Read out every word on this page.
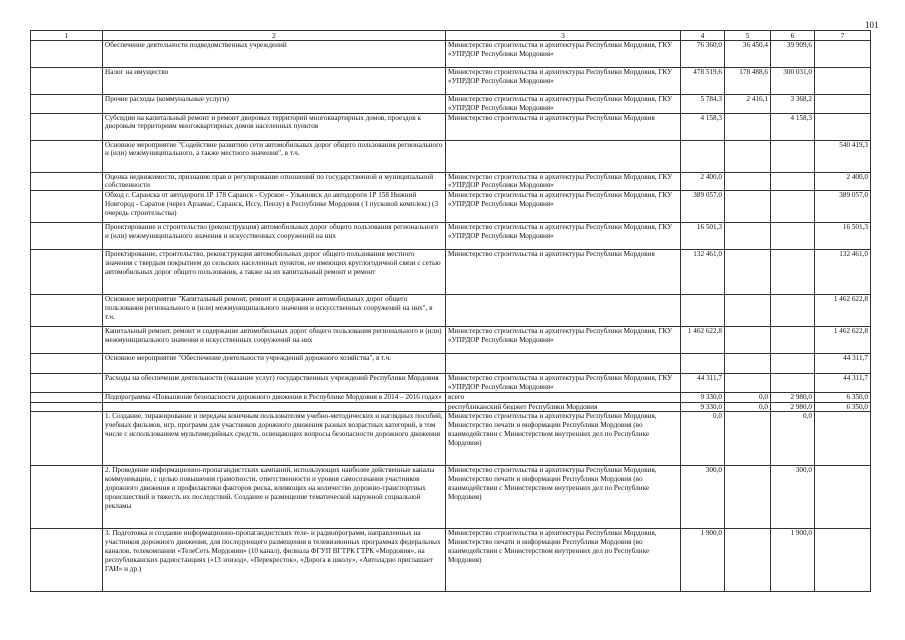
101
1	2	3	4	5	6	7
	Обеспечение деятельности подведомственных учреждений	Министерство строительства и архитектуры Республики Мордовия, ГКУ «УПРДОР Республики Мордовия»	76 360,0	36 450,4	39 909,6	
	Налог на имущество	Министерство строительства и архитектуры Республики Мордовия, ГКУ «УПРДОР Республики Мордовия»	478 519,6	178 488,6	300 031,0	
	Прочие расходы (коммунальные услуги)	Министерство строительства и архитектуры Республики Мордовия, ГКУ «УПРДОР Республики Мордовия»	5 784,3	2 416,1	3 368,2	
	Субсидии на капитальный ремонт и ремонт дворовых территорий многоквартирных домов, проездов к дворовым территориям многоквартирных домов населенных пунктов	Министерство строительства и архитектуры Республики Мордовия	4 158,3		4 158,3	
	Основное мероприятие "Содействие развитию сети автомобильных дорог общего пользования регионального и (или) межмуниципального, а также местного значения", в т.ч.					540 419,3
	Оценка недвижимости, признание прав и регулирование отношений по государственной и муниципальной собственности	Министерство строительства и архитектуры Республики Мордовия, ГКУ «УПРДОР Республики Мордовия»	2 400,0			2 400,0
	Обход г. Саранска от автодороги 1Р 178 Саранск - Сурское - Ульяновск до автодороги 1Р 158 Нижний Новгород - Саратов (через Арзамас, Саранск, Иссу, Пензу) в Республике Мордовия ( I пусковой комплекс) (3 очередь строительства)	Министерство строительства и архитектуры Республики Мордовия, ГКУ «УПРДОР Республики Мордовия»	389 057,0			389 057,0
	Проектирование и строительство (реконструкция) автомобильных дорог общего пользования регионального и (или) межмуниципального значения и искусственных сооружений на них	Министерство строительства и архитектуры Республики Мордовия, ГКУ «УПРДОР Республики Мордовия»	16 501,3			16 501,3
	Проектирование, строительство, реконструкция автомобильных дорог общего пользования местного значения с твердым покрытием до сельских населенных пунктов, не имеющих круглогодичной связи с сетью автомобильных дорог общего пользования, а также на их капитальный ремонт и ремонт	Министерство строительства и архитектуры Республики Мордовия	132 461,0			132 461,0
	Основное мероприятие "Капитальный ремонт, ремонт и содержание автомобильных дорог общего пользования регионального и (или) межмуниципального значения и искусственных сооружений на них", в т.ч.					1 462 622,8
	Капитальный ремонт, ремонт и содержание автомобильных дорог общего пользования регионального и (или) межмуниципального значения и искусственных сооружений на них	Министерство строительства и архитектуры Республики Мордовия, ГКУ «УПРДОР Республики Мордовия»	1 462 622,8			1 462 622,8
	Основное мероприятие "Обеспечение деятельности учреждений дорожного хозяйства", в т.ч.					44 311,7
	Расходы на обеспечение деятельности (оказание услуг) государственных учреждений Республики Мордовия	Министерство строительства и архитектуры Республики Мордовия, ГКУ «УПРДОР Республики Мордовия»	44 311,7			44 311,7
	Подпрограмма «Повышение безопасности дорожного движения в Республике Мордовия в 2014 – 2016 годах»	всего	9 330,0	0,0	2 980,0	6 350,0
		республиканский бюджет Республики Мордовия	9 330,0	0,0	2 980,0	6 350,0
	1. Создание, тиражирование и передача конечным пользователям учебно-методических и наглядных пособий, учебных фильмов, игр, программ для участников дорожного движения разных возрастных категорий, в том числе с использованием мультимедийных средств, освещающих вопросы безопасности дорожного движения	Министерство строительства и архитектуры Республики Мордовия, Министерство печати и информации Республики Мордовия (во взаимодействии с Министерством внутренних дел по Республике Мордовия)	0,0		0,0	
	2. Проведение информационно-пропагандистских кампаний, использующих наиболее действенные каналы коммуникации, с целью повышения грамотности, ответственности и уровня самосознания участников дорожного движения и профилактики факторов риска, влияющих на количество дорожно-транспортных происшествий и тяжесть их последствий. Создание и размещение тематической наружной социальной рекламы	Министерство строительства и архитектуры Республики Мордовия, Министерство печати и информации Республики Мордовия (во взаимодействии с Министерством внутренних дел по Республике Мордовия)	300,0		300,0	
	3. Подготовка и создание информационно-пропагандистских теле- и радиопрограмм, направленных на участников дорожного движения, для последующего размещения в телевизионных программах федеральных каналов, телекомпании «ТелеСеть Мордовии» (10 канал), филиала ФГУП ВГТРК ГТРК «Мордовия», на республиканских радиостанциях («13 эпизод», «Перекресток», «Дорога в школу», «Автоладно приглашает ГАИ» и др.)	Министерство строительства и архитектуры Республики Мордовия, Министерство печати и информации Республики Мордовия (во взаимодействии с Министерством внутренних дел по Республике Мордовия)	1 900,0		1 900,0	
